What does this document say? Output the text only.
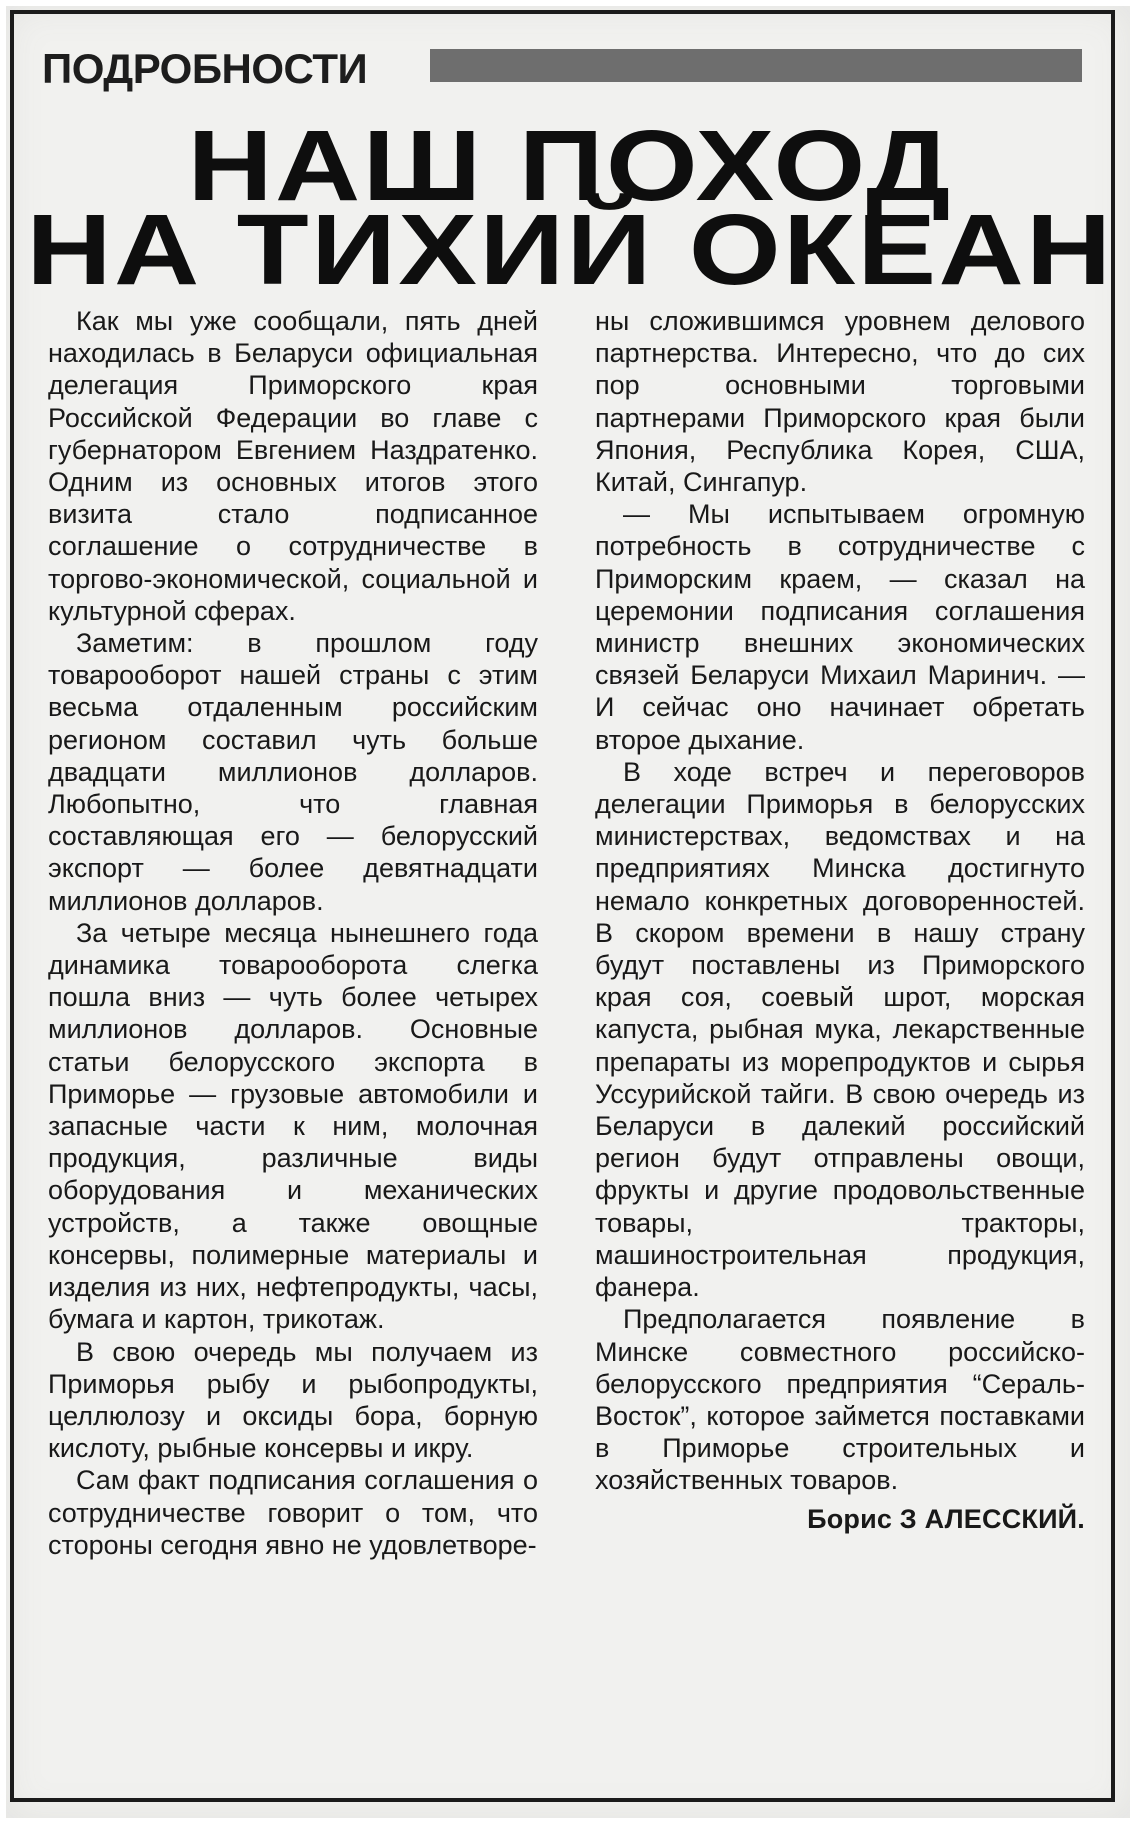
ПОДРОБНОСТИ
НАШ ПОХОД
НА ТИХИЙ ОКЕАН

Как мы уже сообщали, пять дней находилась в Беларуси официальная делегация Приморского края Российской Федерации во главе с губернатором Евгением Наздратенко. Одним из основных итогов этого визита стало подписанное соглашение о сотрудничестве в торгово-экономической, социальной и культурной сферах.

Заметим: в прошлом году товарооборот нашей страны с этим весьма отдаленным российским регионом составил чуть больше двадцати миллионов долларов. Любопытно, что главная составляющая его — белорусский экспорт — более девятнадцати миллионов долларов.

За четыре месяца нынешнего года динамика товарооборота слегка пошла вниз — чуть более четырех миллионов долларов. Основные статьи белорусского экспорта в Приморье — грузовые автомобили и запасные части к ним, молочная продукция, различные виды оборудования и механических устройств, а также овощные консервы, полимерные материалы и изделия из них, нефтепродукты, часы, бумага и картон, трикотаж.

В свою очередь мы получаем из Приморья рыбу и рыбопродукты, целлюлозу и оксиды бора, борную кислоту, рыбные консервы и икру.

Сам факт подписания соглашения о сотрудничестве говорит о том, что стороны сегодня явно не удовлетворе-

ны сложившимся уровнем делового партнерства. Интересно, что до сих пор основными торговыми партнерами Приморского края были Япония, Республика Корея, США, Китай, Сингапур.

— Мы испытываем огромную потребность в сотрудничестве с Приморским краем, — сказал на церемонии подписания соглашения министр внешних экономических связей Беларуси Михаил Маринич. — И сейчас оно начинает обретать второе дыхание.

В ходе встреч и переговоров делегации Приморья в белорусских министерствах, ведомствах и на предприятиях Минска достигнуто немало конкретных договоренностей. В скором времени в нашу страну будут поставлены из Приморского края соя, соевый шрот, морская капуста, рыбная мука, лекарственные препараты из морепродуктов и сырья Уссурийской тайги. В свою очередь из Беларуси в далекий российский регион будут отправлены овощи, фрукты и другие продовольственные товары, тракторы, машиностроительная продукция, фанера.

Предполагается появление в Минске совместного российско-белорусского предприятия “Сераль-Восток”, которое займется поставками в Приморье строительных и хозяйственных товаров.

Борис З АЛЕССКИЙ.
